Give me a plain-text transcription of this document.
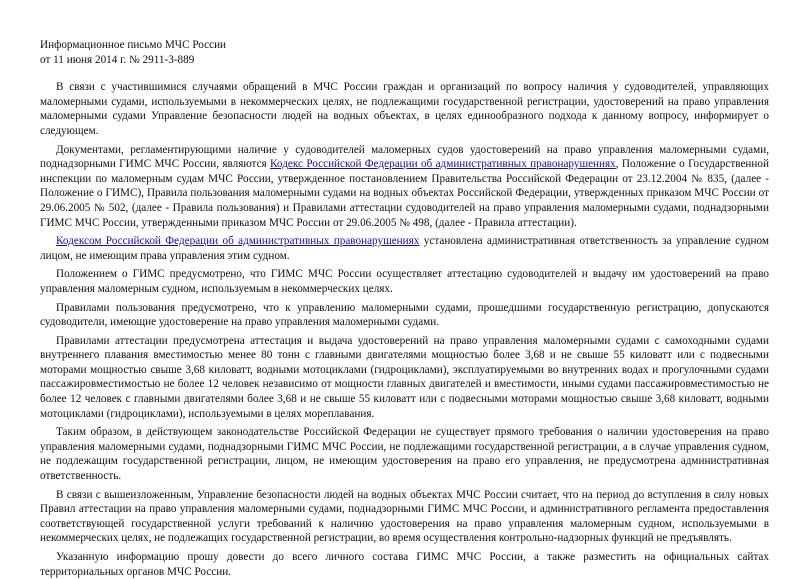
Информационное письмо МЧС России
от 11 июня 2014 г. № 2911-3-889

В связи с участившимися случаями обращений в МЧС России граждан и организаций по вопросу наличия у судоводителей, управляющих маломерными судами, используемыми в некоммерческих целях, не подлежащими государственной регистрации, удостоверений на право управления маломерными судами Управление безопасности людей на водных объектах, в целях единообразного подхода к данному вопросу, информирует о следующем.

Документами, регламентирующими наличие у судоводителей маломерных судов удостоверений на право управления маломерными судами, поднадзорными ГИМС МЧС России, являются Кодекс Российской Федерации об административных правонарушениях, Положение о Государственной инспекции по маломерным судам МЧС России, утвержденное постановлением Правительства Российской Федерации от 23.12.2004 № 835, (далее - Положение о ГИМС), Правила пользования маломерными судами на водных объектах Российской Федерации, утвержденных приказом МЧС России от 29.06.2005 № 502, (далее - Правила пользования) и Правилами аттестации судоводителей на право управления маломерными судами, поднадзорными ГИМС МЧС России, утвержденными приказом МЧС России от 29.06.2005 № 498, (далее - Правила аттестации).

Кодексом Российской Федерации об административных правонарушениях установлена административная ответственность за управление судном лицом, не имеющим права управления этим судном.

Положением о ГИМС предусмотрено, что ГИМС МЧС России осуществляет аттестацию судоводителей и выдачу им удостоверений на право управления маломерным судном, используемым в некоммерческих целях.

Правилами пользования предусмотрено, что к управлению маломерными судами, прошедшими государственную регистрацию, допускаются судоводители, имеющие удостоверение на право управления маломерными судами.

Правилами аттестации предусмотрена аттестация и выдача удостоверений на право управления маломерными судами с самоходными судами внутреннего плавания вместимостью менее 80 тонн с главными двигателями мощностью более 3,68 и не свыше 55 киловатт или с подвесными моторами мощностью свыше 3,68 киловатт, водными мотоциклами (гидроциклами), эксплуатируемыми во внутренних водах и прогулочными судами пассажировместимостью не более 12 человек независимо от мощности главных двигателей и вместимости, иными судами пассажировместимостью не более 12 человек с главными двигателями более 3,68 и не свыше 55 киловатт или с подвесными моторами мощностью свыше 3,68 киловатт, водными мотоциклами (гидроциклами), используемыми в целях мореплавания.

Таким образом, в действующем законодательстве Российской Федерации не существует прямого требования о наличии удостоверения на право управления маломерными судами, поднадзорными ГИМС МЧС России, не подлежащими государственной регистрации, а в случае управления судном, не подлежащим государственной регистрации, лицом, не имеющим удостоверения на право его управления, не предусмотрена административная ответственность.

В связи с вышеизложенным, Управление безопасности людей на водных объектах МЧС России считает, что на период до вступления в силу новых Правил аттестации на право управления маломерными судами, поднадзорными ГИМС МЧС России, и административного регламента предоставления соответствующей государственной услуги требований к наличию удостоверения на право управления маломерным судном, используемыми в некоммерческих целях, не подлежащих государственной регистрации, во время осуществления контрольно-надзорных функций не предъявлять.

Указанную информацию прошу довести до всего личного состава ГИМС МЧС России, а также разместить на официальных сайтах территориальных органов МЧС России.
